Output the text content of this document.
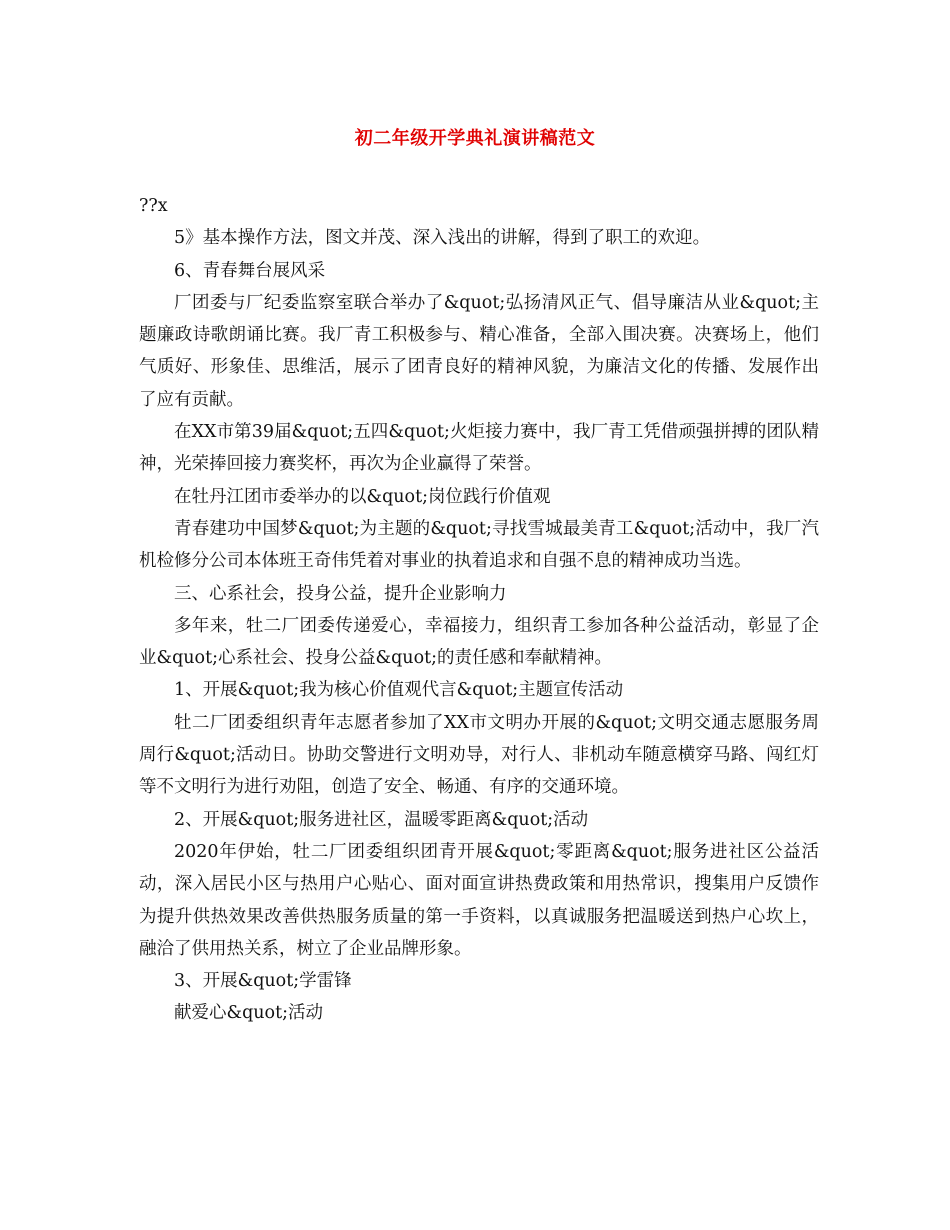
初二年级开学典礼演讲稿范文

??x

5》基本操作方法，图文并茂、深入浅出的讲解，得到了职工的欢迎。

6、青春舞台展风采

厂团委与厂纪委监察室联合举办了&quot;弘扬清风正气、倡导廉洁从业&quot;主题廉政诗歌朗诵比赛。我厂青工积极参与、精心准备，全部入围决赛。决赛场上，他们气质好、形象佳、思维活，展示了团青良好的精神风貌，为廉洁文化的传播、发展作出了应有贡献。

在XX市第39届&quot;五四&quot;火炬接力赛中，我厂青工凭借顽强拼搏的团队精神，光荣捧回接力赛奖杯，再次为企业赢得了荣誉。

在牡丹江团市委举办的以&quot;岗位践行价值观

青春建功中国梦&quot;为主题的&quot;寻找雪城最美青工&quot;活动中，我厂汽机检修分公司本体班王奇伟凭着对事业的执着追求和自强不息的精神成功当选。

三、心系社会，投身公益，提升企业影响力

多年来，牡二厂团委传递爱心，幸福接力，组织青工参加各种公益活动，彰显了企业&quot;心系社会、投身公益&quot;的责任感和奉献精神。

1、开展&quot;我为核心价值观代言&quot;主题宣传活动

牡二厂团委组织青年志愿者参加了XX市文明办开展的&quot;文明交通志愿服务周周行&quot;活动日。协助交警进行文明劝导，对行人、非机动车随意横穿马路、闯红灯等不文明行为进行劝阻，创造了安全、畅通、有序的交通环境。

2、开展&quot;服务进社区，温暖零距离&quot;活动

2020年伊始，牡二厂团委组织团青开展&quot;零距离&quot;服务进社区公益活动，深入居民小区与热用户心贴心、面对面宣讲热费政策和用热常识，搜集用户反馈作为提升供热效果改善供热服务质量的第一手资料，以真诚服务把温暖送到热户心坎上，融洽了供用热关系，树立了企业品牌形象。

3、开展&quot;学雷锋

献爱心&quot;活动
